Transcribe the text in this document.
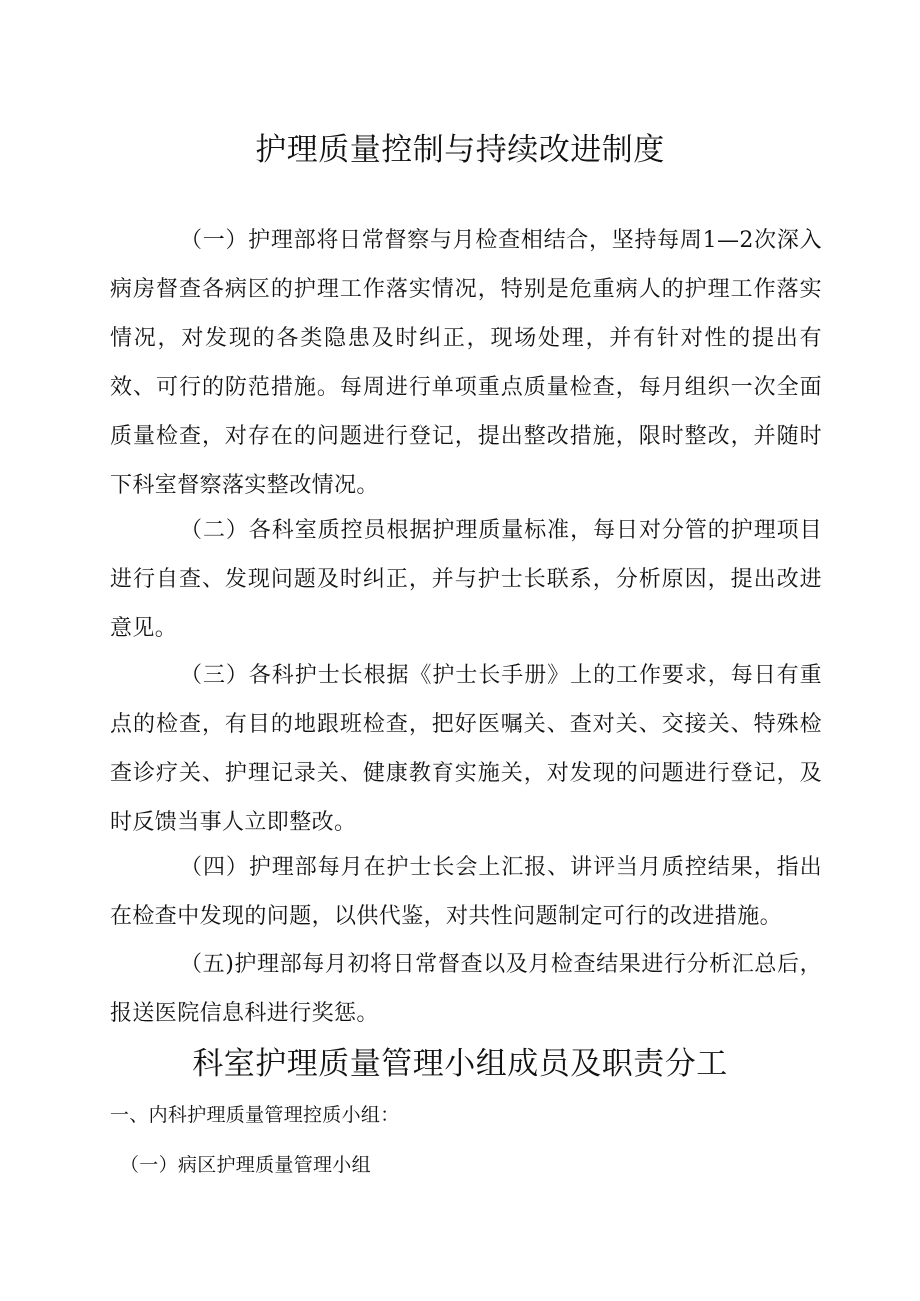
护理质量控制与持续改进制度

（一）护理部将日常督察与月检查相结合，坚持每周1—2次深入病房督查各病区的护理工作落实情况，特别是危重病人的护理工作落实情况，对发现的各类隐患及时纠正，现场处理，并有针对性的提出有效、可行的防范措施。每周进行单项重点质量检查，每月组织一次全面质量检查，对存在的问题进行登记，提出整改措施，限时整改，并随时下科室督察落实整改情况。

（二）各科室质控员根据护理质量标准，每日对分管的护理项目进行自查、发现问题及时纠正，并与护士长联系，分析原因，提出改进意见。

（三）各科护士长根据《护士长手册》上的工作要求，每日有重点的检查，有目的地跟班检查，把好医嘱关、查对关、交接关、特殊检查诊疗关、护理记录关、健康教育实施关，对发现的问题进行登记，及时反馈当事人立即整改。

（四）护理部每月在护士长会上汇报、讲评当月质控结果，指出在检查中发现的问题，以供代鉴，对共性问题制定可行的改进措施。

（五)护理部每月初将日常督查以及月检查结果进行分析汇总后，报送医院信息科进行奖惩。

科室护理质量管理小组成员及职责分工

一、内科护理质量管理控质小组：

（一）病区护理质量管理小组
